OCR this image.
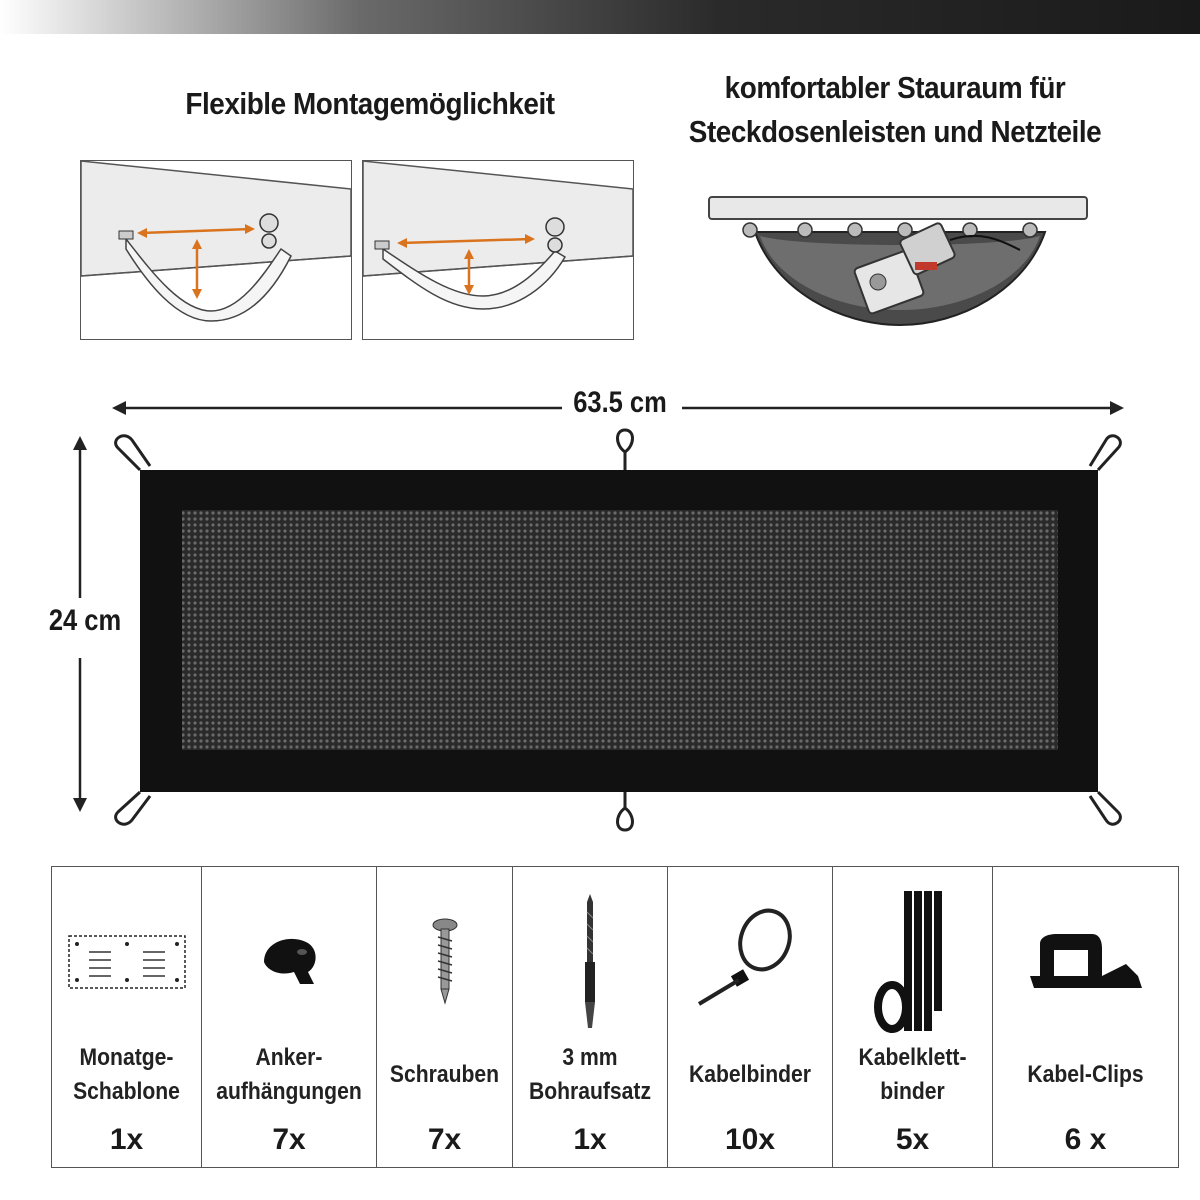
Flexible Montagemöglichkeit	komfortabler Stauraum für
Steckdosenleisten und Netzteile
63.5 cm
24 cm
Monatge-
Schablone
1x
Anker-
aufhängungen
7x
Schrauben
7x
3 mm
Bohraufsatz
1x
Kabelbinder
10x
Kabelklett-
binder
5x
Kabel-Clips
6 x
